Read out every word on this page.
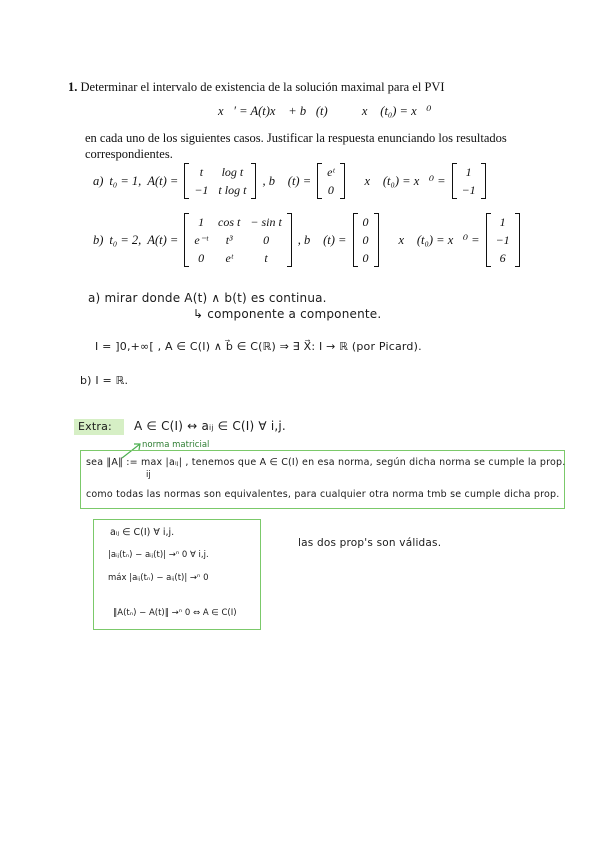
1. Determinar el intervalo de existencia de la solución maximal para el PVI
x⃗′ = A(t)x⃗ + b⃗(t)	x⃗ (t₀) = x⃗⁰
en cada uno de los siguientes casos. Justificar la respuesta enunciando los resultados correspondientes.
a) t₀ = 1, A(t) =
t	log t
−1	t log t
, b⃗ (t) =
eᵗ
0
x⃗ (t₀) = x⃗⁰ =
1
−1
b) t₀ = 2, A(t) =
1	cos t	− sin t
e⁻ᵗ	t³	0
0	eᵗ	t
, b⃗ (t) =
0
0
0
x⃗ (t₀) = x⃗⁰ =
1
−1
6
a) mirar donde A(t) ∧ b(t) es continua.
↳ componente a componente.
I = ]0,+∞[ , A ∈ C(I) ∧ b⃗ ∈ C(ℝ) ⇒ ∃ X⃗: I → ℝ (por Picard).
b) I = ℝ.
Extra: A ∈ C(I) ↔ aᵢⱼ ∈ C(I) ∀ i,j.
norma matricial
sea ‖A‖ := max |aᵢⱼ| , tenemos que A ∈ C(I) en esa norma, según dicha norma se cumple la prop.
ij
como todas las normas son equivalentes, para cualquier otra norma tmb se cumple dicha prop.
aᵢⱼ ∈ C(I) ∀ i,j.
|aᵢⱼ(tₙ) − aᵢⱼ(t)| →ⁿ 0 ∀ i,j.
máx |aᵢⱼ(tₙ) − aᵢⱼ(t)| →ⁿ 0
‖A(tₙ) − A(t)‖ →ⁿ 0 ⇔ A ∈ C(I)
las dos prop's son válidas.
